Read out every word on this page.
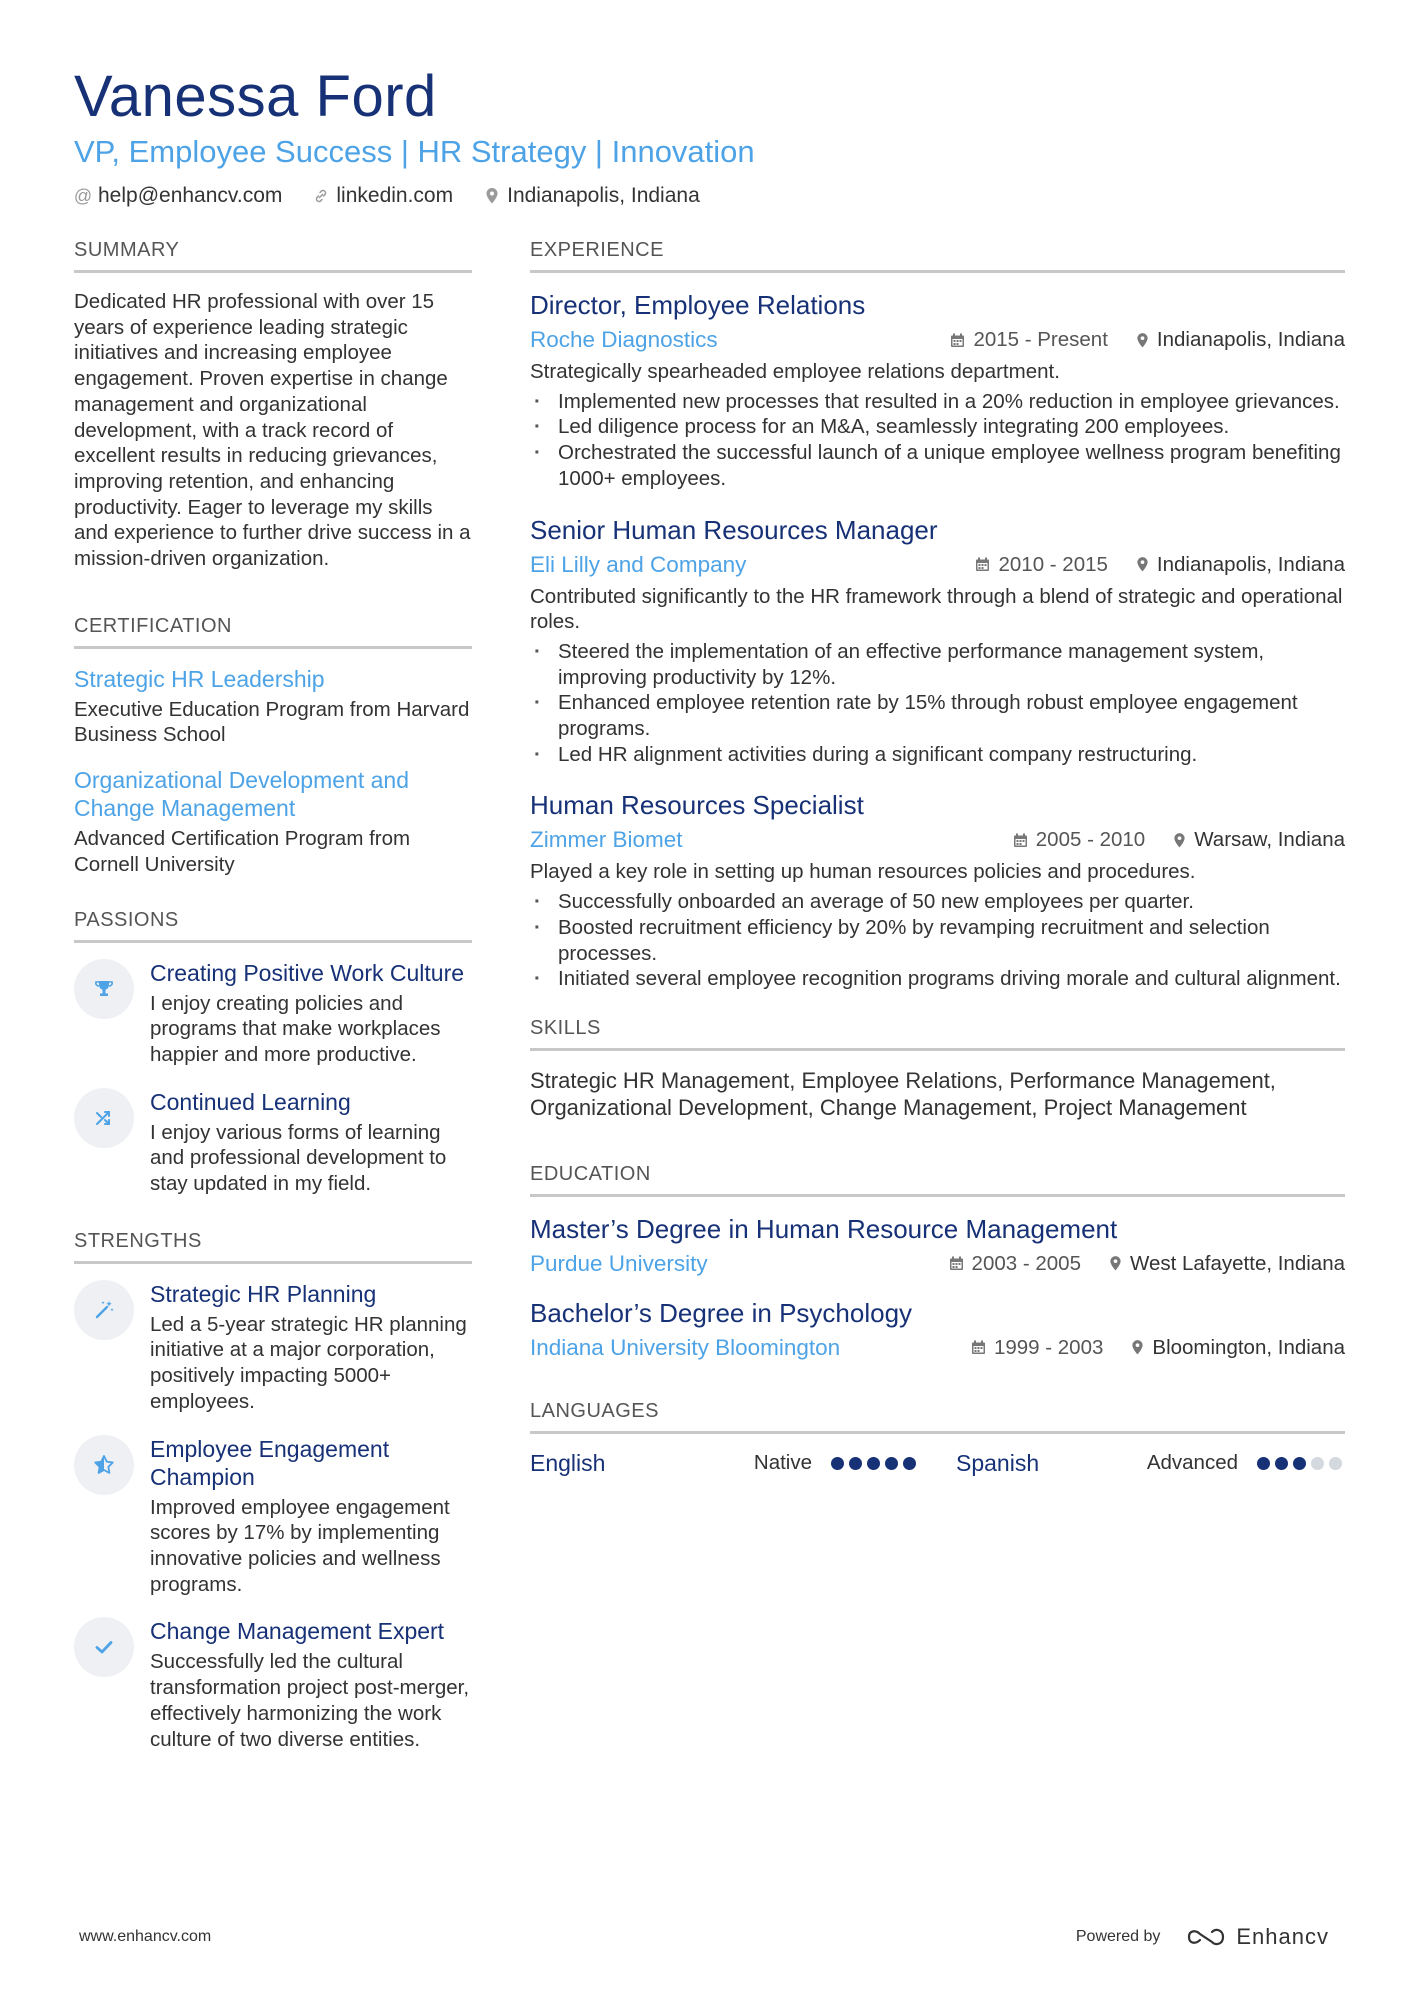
Vanessa Ford
VP, Employee Success | HR Strategy | Innovation
@ help@enhancv.com	linkedin.com	Indianapolis, Indiana
SUMMARY
Dedicated HR professional with over 15 years of experience leading strategic initiatives and increasing employee engagement. Proven expertise in change management and organizational development, with a track record of excellent results in reducing grievances, improving retention, and enhancing productivity. Eager to leverage my skills and experience to further drive success in a mission-driven organization.
CERTIFICATION
Strategic HR Leadership
Executive Education Program from Harvard Business School
Organizational Development and Change Management
Advanced Certification Program from Cornell University
PASSIONS
Creating Positive Work Culture
I enjoy creating policies and programs that make workplaces happier and more productive.
Continued Learning
I enjoy various forms of learning and professional development to stay updated in my field.
STRENGTHS
Strategic HR Planning
Led a 5-year strategic HR planning initiative at a major corporation, positively impacting 5000+ employees.
Employee Engagement Champion
Improved employee engagement scores by 17% by implementing innovative policies and wellness programs.
Change Management Expert
Successfully led the cultural transformation project post-merger, effectively harmonizing the work culture of two diverse entities.
EXPERIENCE
Director, Employee Relations
Roche Diagnostics	2015 - Present Indianapolis, Indiana
Strategically spearheaded employee relations department.
· Implemented new processes that resulted in a 20% reduction in employee grievances.
· Led diligence process for an M&A, seamlessly integrating 200 employees.
· Orchestrated the successful launch of a unique employee wellness program benefiting 1000+ employees.
Senior Human Resources Manager
Eli Lilly and Company	2010 - 2015 Indianapolis, Indiana
Contributed significantly to the HR framework through a blend of strategic and operational roles.
· Steered the implementation of an effective performance management system, improving productivity by 12%.
· Enhanced employee retention rate by 15% through robust employee engagement programs.
· Led HR alignment activities during a significant company restructuring.
Human Resources Specialist
Zimmer Biomet	2005 - 2010 Warsaw, Indiana
Played a key role in setting up human resources policies and procedures.
· Successfully onboarded an average of 50 new employees per quarter.
· Boosted recruitment efficiency by 20% by revamping recruitment and selection processes.
· Initiated several employee recognition programs driving morale and cultural alignment.
SKILLS
Strategic HR Management, Employee Relations, Performance Management, Organizational Development, Change Management, Project Management
EDUCATION
Master’s Degree in Human Resource Management
Purdue University	2003 - 2005 West Lafayette, Indiana
Bachelor’s Degree in Psychology
Indiana University Bloomington	1999 - 2003 Bloomington, Indiana
LANGUAGES
English	Native	Spanish	Advanced
www.enhancv.com	Powered by	Enhancv
